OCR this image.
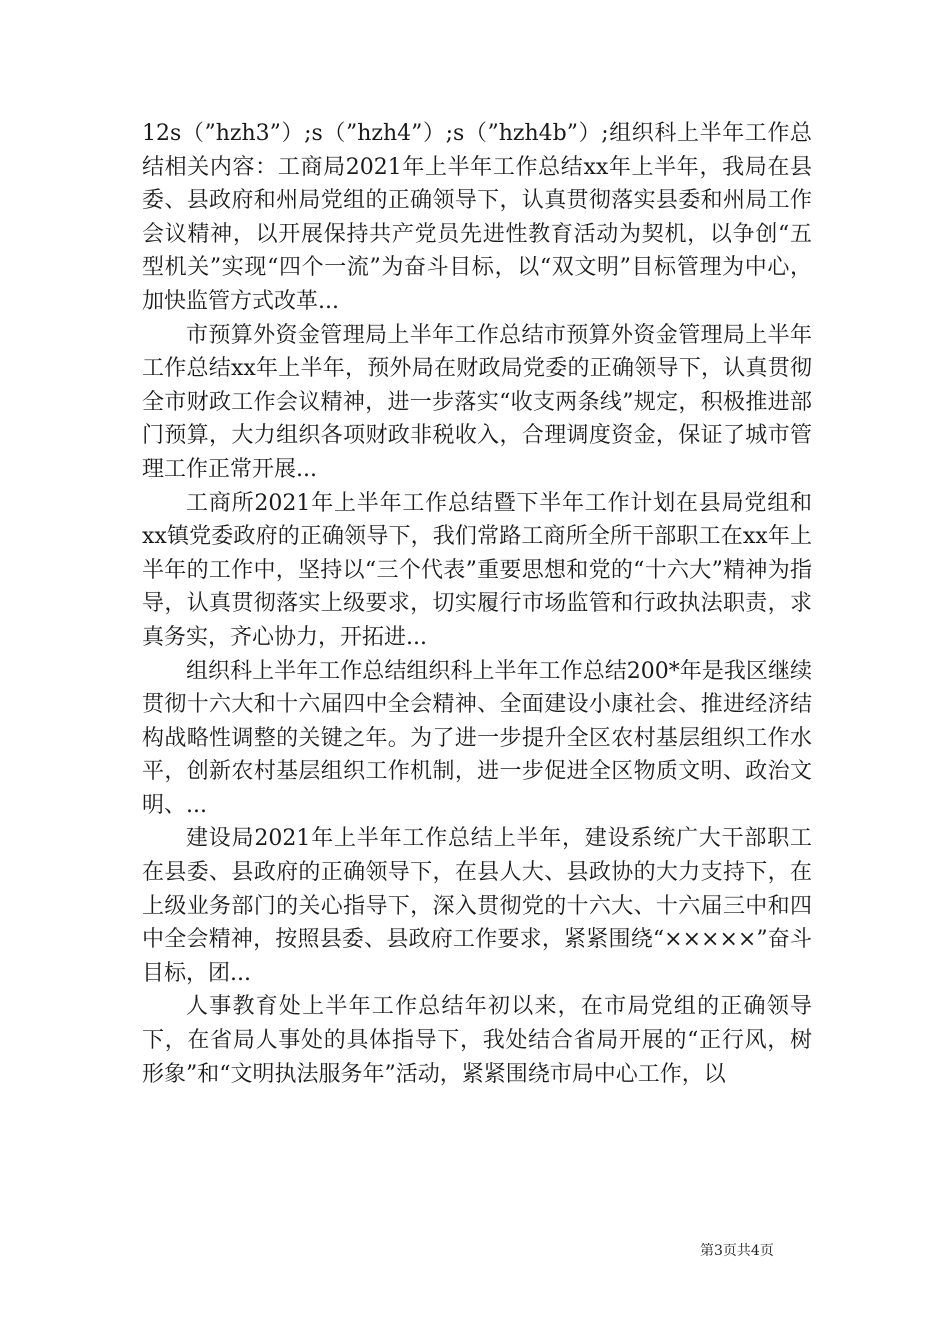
12s（”hzh3”）;s（”hzh4”）;s（”hzh4b”）;组织科上半年工作总结相关内容：工商局2021年上半年工作总结xx年上半年，我局在县委、县政府和州局党组的正确领导下，认真贯彻落实县委和州局工作会议精神，以开展保持共产党员先进性教育活动为契机，以争创“五型机关”实现“四个一流”为奋斗目标，以“双文明”目标管理为中心，加快监管方式改革...

市预算外资金管理局上半年工作总结市预算外资金管理局上半年工作总结xx年上半年，预外局在财政局党委的正确领导下，认真贯彻全市财政工作会议精神，进一步落实“收支两条线”规定，积极推进部门预算，大力组织各项财政非税收入，合理调度资金，保证了城市管理工作正常开展...

工商所2021年上半年工作总结暨下半年工作计划在县局党组和xx镇党委政府的正确领导下，我们常路工商所全所干部职工在xx年上半年的工作中，坚持以“三个代表”重要思想和党的“十六大”精神为指导，认真贯彻落实上级要求，切实履行市场监管和行政执法职责，求真务实，齐心协力，开拓进...

组织科上半年工作总结组织科上半年工作总结200*年是我区继续贯彻十六大和十六届四中全会精神、全面建设小康社会、推进经济结构战略性调整的关键之年。为了进一步提升全区农村基层组织工作水平，创新农村基层组织工作机制，进一步促进全区物质文明、政治文明、...

建设局2021年上半年工作总结上半年，建设系统广大干部职工在县委、县政府的正确领导下，在县人大、县政协的大力支持下，在上级业务部门的关心指导下，深入贯彻党的十六大、十六届三中和四中全会精神，按照县委、县政府工作要求，紧紧围绕“×××××”奋斗目标，团...

人事教育处上半年工作总结年初以来，在市局党组的正确领导下，在省局人事处的具体指导下，我处结合省局开展的“正行风，树形象”和“文明执法服务年”活动，紧紧围绕市局中心工作，以

第3页共4页
